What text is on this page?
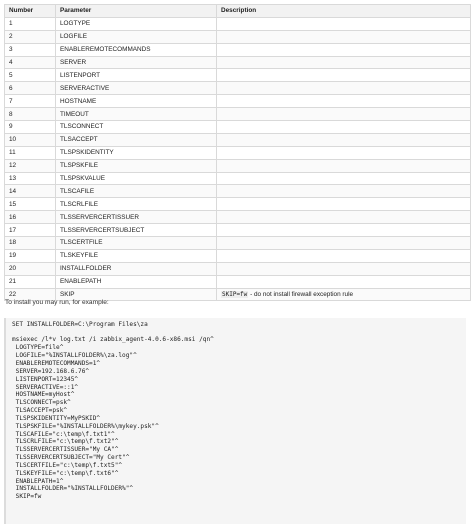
Number	Parameter	Description
1	LOGTYPE	
2	LOGFILE	
3	ENABLEREMOTECOMMANDS	
4	SERVER	
5	LISTENPORT	
6	SERVERACTIVE	
7	HOSTNAME	
8	TIMEOUT	
9	TLSCONNECT	
10	TLSACCEPT	
11	TLSPSKIDENTITY	
12	TLSPSKFILE	
13	TLSPSKVALUE	
14	TLSCAFILE	
15	TLSCRLFILE	
16	TLSSERVERCERTISSUER	
17	TLSSERVERCERTSUBJECT	
18	TLSCERTFILE	
19	TLSKEYFILE	
20	INSTALLFOLDER	
21	ENABLEPATH	
22	SKIP	SKIP=fw - do not install firewall exception rule

To install you may run, for example:

SET INSTALLFOLDER=C:\Program Files\za
msiexec /l*v log.txt /i zabbix_agent-4.0.6-x86.msi /qn^
LOGTYPE=file^
LOGFILE="%INSTALLFOLDER%\za.log"^
ENABLEREMOTECOMMANDS=1^
SERVER=192.168.6.76^
LISTENPORT=12345^
SERVERACTIVE=::1^
HOSTNAME=myHost^
TLSCONNECT=psk^
TLSACCEPT=psk^
TLSPSKIDENTITY=MyPSKID^
TLSPSKFILE="%INSTALLFOLDER%\mykey.psk"^
TLSCAFILE="c:\temp\f.txt1"^
TLSCRLFILE="c:\temp\f.txt2"^
TLSSERVERCERTISSUER="My CA"^
TLSSERVERCERTSUBJECT="My Cert"^
TLSCERTFILE="c:\temp\f.txt5"^
TLSKEYFILE="c:\temp\f.txt6"^
ENABLEPATH=1^
INSTALLFOLDER="%INSTALLFOLDER%"^
SKIP=fw
